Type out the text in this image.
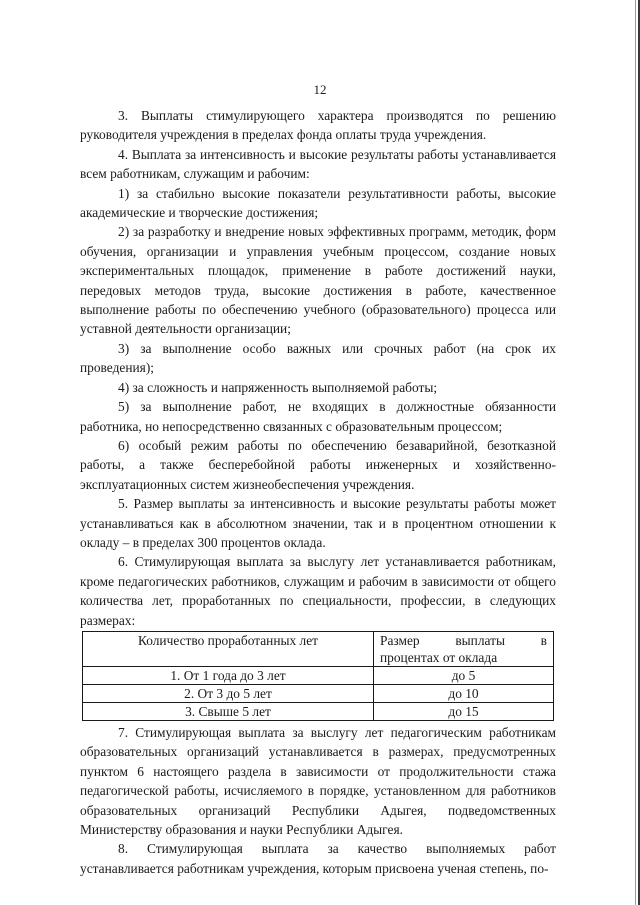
12

3. Выплаты стимулирующего характера производятся по решению руководителя учреждения в пределах фонда оплаты труда учреждения.

4. Выплата за интенсивность и высокие результаты работы устанавливается всем работникам, служащим и рабочим:

1) за стабильно высокие показатели результативности работы, высокие академические и творческие достижения;

2) за разработку и внедрение новых эффективных программ, методик, форм обучения, организации и управления учебным процессом, создание новых экспериментальных площадок, применение в работе достижений науки, передовых методов труда, высокие достижения в работе, качественное выполнение работы по обеспечению учебного (образовательного) процесса или уставной деятельности организации;

3) за выполнение особо важных или срочных работ (на срок их проведения);

4) за сложность и напряженность выполняемой работы;

5) за выполнение работ, не входящих в должностные обязанности работника, но непосредственно связанных с образовательным процессом;

6) особый режим работы по обеспечению безаварийной, безотказной работы, а также бесперебойной работы инженерных и хозяйственно-эксплуатационных систем жизнеобеспечения учреждения.

5. Размер выплаты за интенсивность и высокие результаты работы может устанавливаться как в абсолютном значении, так и в процентном отношении к окладу – в пределах 300 процентов оклада.

6. Стимулирующая выплата за выслугу лет устанавливается работникам, кроме педагогических работников, служащим и рабочим в зависимости от общего количества лет, проработанных по специальности, профессии, в следующих размерах:

Количество проработанных лет	Размер выплаты в
процентах от оклада

1. От 1 года до 3 лет	до 5
2. От 3 до 5 лет	до 10
3. Свыше 5 лет	до 15

7. Стимулирующая выплата за выслугу лет педагогическим работникам образовательных организаций устанавливается в размерах, предусмотренных пунктом 6 настоящего раздела в зависимости от продолжительности стажа педагогической работы, исчисляемого в порядке, установленном для работников образовательных организаций Республики Адыгея, подведомственных Министерству образования и науки Республики Адыгея.

8. Стимулирующая выплата за качество выполняемых работ устанавливается работникам учреждения, которым присвоена ученая степень, по-
